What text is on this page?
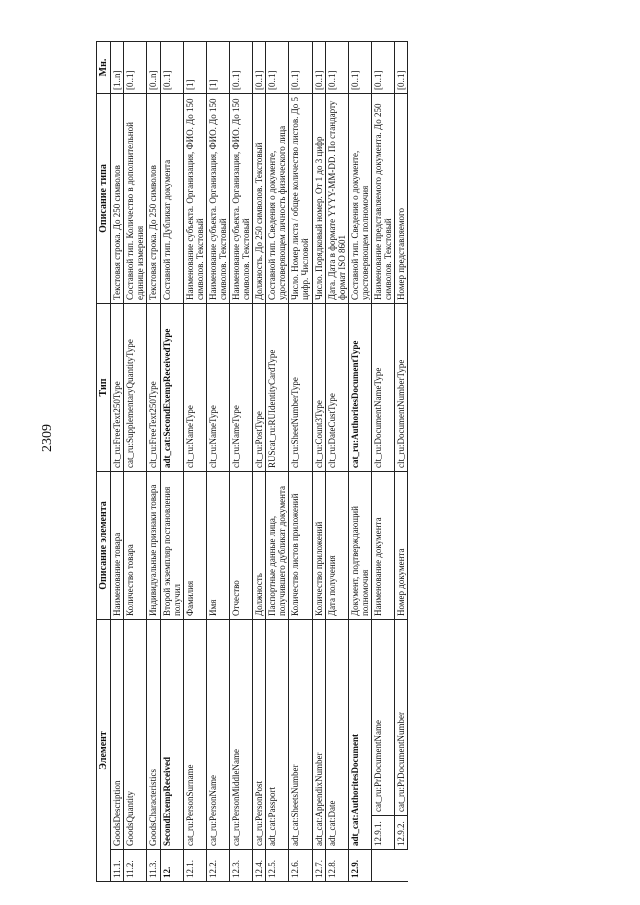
2309
Элемент			Описание элемента	Тип	Описание типа	Мн.
11.1.	GoodsDescription		Наименование товара	clt_ru:FreeText250Type	Текстовая строка. До 250 символов	[1..n]
11.2.	GoodsQuantity		Количество товара	cat_ru:SupplementaryQuantityType	Составной тип. Количество в дополнительной единице измерения	[0..1]
11.3.	GoodsCharacteristics		Индивидуальные признаки товара	clt_ru:FreeText250Type	Текстовая строка. До 250 символов	[0..n]
12.	SecondExempReceived		Второй экземпляр постановления получил	adt_cat:SecondExempReceivedType	Составной тип. Дубликат документа	[0..1]
12.1.	cat_ru:PersonSurname		Фамилия	clt_ru:NameType	Наименование субъекта. Организация, ФИО. До 150 символов. Текстовый	[1]
12.2.	cat_ru:PersonName		Имя	clt_ru:NameType	Наименование субъекта. Организация, ФИО. До 150 символов. Текстовый	[1]
12.3.	cat_ru:PersonMiddleName		Отчество	clt_ru:NameType	Наименование субъекта. Организация, ФИО. До 150 символов. Текстовый	[0..1]
12.4.	cat_ru:PersonPost		Должность	clt_ru:PostType	Должность. До 250 символов. Текстовый	[0..1]
12.5.	adt_cat:Passport		Паспортные данные лица, получившего дубликат документа	RUScat_ru:RUIdentityCardType	Составной тип. Сведения о документе, удостоверяющем личность физического лица	[0..1]
12.6.	adt_cat:SheetsNumber		Количество листов приложений	clt_ru:SheetNumberType	Число. Номер листа / общее количество листов. До 5 цифр. Числовой	[0..1]
12.7.	adt_cat:AppendixNumber		Количество приложений	clt_ru:Count3Type	Число. Порядковый номер. От 1 до 3 цифр	[0..1]
12.8.	adt_cat:Date		Дата получения	clt_ru:DateCustType	Дата. Дата в формате YYYY-MM-DD. По стандарту формат ISO 8601	[0..1]
12.9.	adt_cat:AuthoritesDocument		Документ, подтверждающий полномочия	cat_ru:AuthoritesDocumentType	Составной тип. Сведения о документе, удостоверяющем полномочия	[0..1]
	12.9.1.	cat_ru:PrDocumentName	Наименование документа	clt_ru:DocumentNameType	Наименование представляемого документа. До 250 символов. Текстовый	[0..1]
	12.9.2.	cat_ru:PrDocumentNumber	Номер документа	clt_ru:DocumentNumberType	Номер представляемого	[0..1]
